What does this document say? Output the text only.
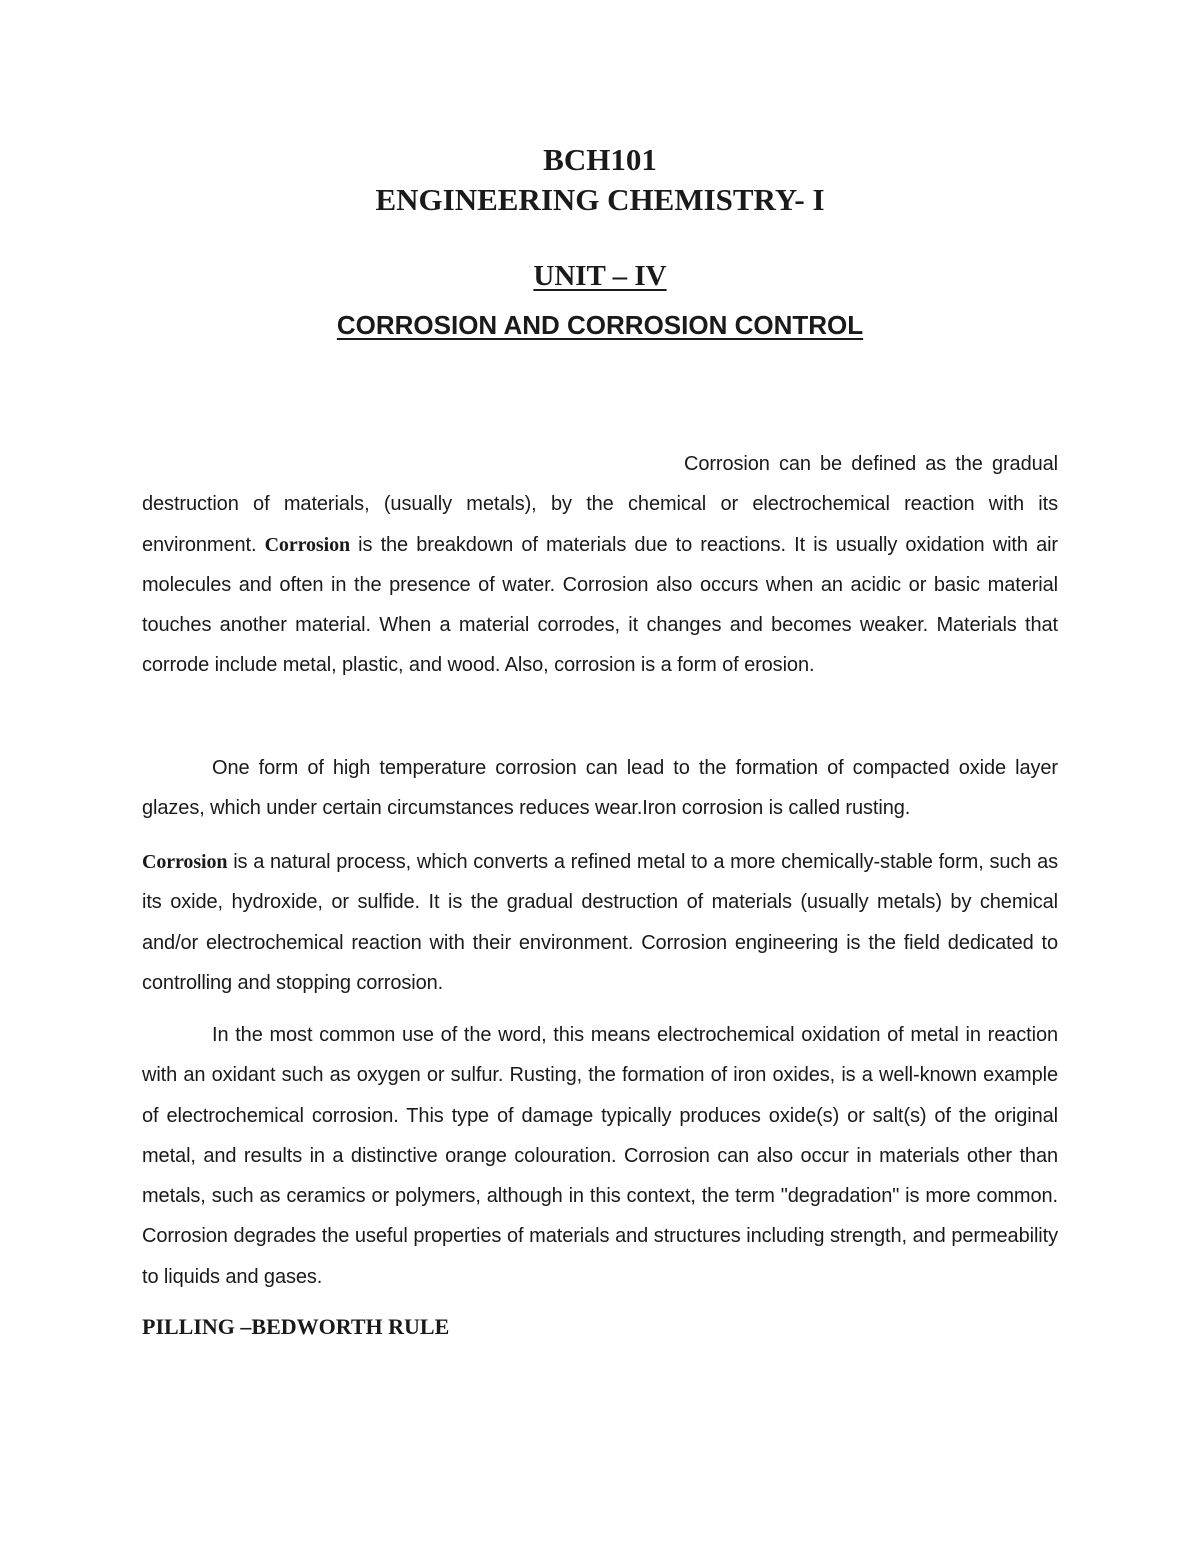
BCH101
ENGINEERING CHEMISTRY- I
UNIT – IV
CORROSION AND CORROSION CONTROL

Corrosion can be defined as the gradual destruction of materials, (usually metals), by the chemical or electrochemical reaction with its environment. Corrosion is the breakdown of materials due to reactions. It is usually oxidation with air molecules and often in the presence of water. Corrosion also occurs when an acidic or basic material touches another material. When a material corrodes, it changes and becomes weaker. Materials that corrode include metal, plastic, and wood. Also, corrosion is a form of erosion.

One form of high temperature corrosion can lead to the formation of compacted oxide layer glazes, which under certain circumstances reduces wear.Iron corrosion is called rusting.

Corrosion is a natural process, which converts a refined metal to a more chemically-stable form, such as its oxide, hydroxide, or sulfide. It is the gradual destruction of materials (usually metals) by chemical and/or electrochemical reaction with their environment. Corrosion engineering is the field dedicated to controlling and stopping corrosion.

In the most common use of the word, this means electrochemical oxidation of metal in reaction with an oxidant such as oxygen or sulfur. Rusting, the formation of iron oxides, is a well-known example of electrochemical corrosion. This type of damage typically produces oxide(s) or salt(s) of the original metal, and results in a distinctive orange colouration. Corrosion can also occur in materials other than metals, such as ceramics or polymers, although in this context, the term "degradation" is more common. Corrosion degrades the useful properties of materials and structures including strength, and permeability to liquids and gases.

PILLING –BEDWORTH RULE
